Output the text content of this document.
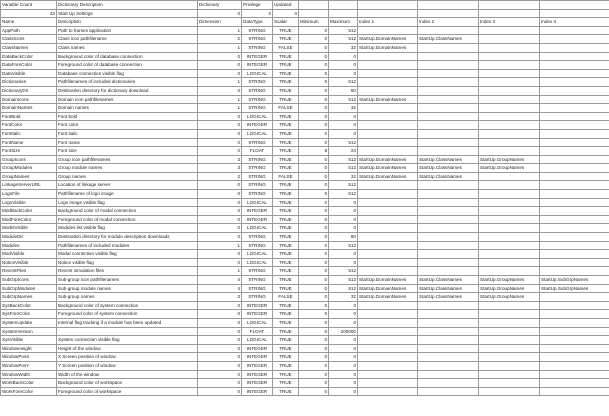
Variable Count	Dictionary Description	Dictionary	Privilege	Updated						
43	Start Up Settings	0	0	0						
Name	Description	Dimension	DataType	Scalar	Minimum	Maximum	Index 1	Index 2	Index 3	Index 4
AppPath	Path to frames application	1	STRING	TRUE	0	512				
ClassIcons	Class icon pathfilename	2	STRING	TRUE	0	512	StartUp.DomainNames	StartUp.ClassNames		
ClassNames	Class names	1	STRING	FALSE	0	32	StartUp.DomainNames			
DataBackColor	Background color of database connection	0	INTEGER	TRUE	0	0				
DataForeColor	Foreground color of database connection	0	INTEGER	TRUE	0	0				
DataVisible	Database connection visible flag	0	LOGICAL	TRUE	0	0				
Dictionaries	Pathfilenames of included dictionaries	1	STRING	TRUE	0	512				
DictionaryDir	Destination directory for dictionary download	0	STRING	TRUE	0	80				
DomainIcons	Domain icon pathfilenames	1	STRING	TRUE	0	512	StartUp.DomainNames			
DomainNames	Domain names	1	STRING	FALSE	0	32				
FontBold	Font bold	0	LOGICAL	TRUE	0	0				
FontColor	Font color	0	INTEGER	TRUE	0	0				
FontItalic	Font italic	0	LOGICAL	TRUE	0	0				
FontName	Font name	0	STRING	TRUE	0	512				
FontSize	Font size	0	FLOAT	TRUE	8	24				
GroupIcons	Group icon pathfilenames	3	STRING	TRUE	0	512	StartUp.DomainNames	StartUp.ClassNames	StartUp.GroupNames	
GroupModules	Group module names	3	STRING	TRUE	0	512	StartUp.DomainNames	StartUp.ClassNames	StartUp.GroupNames	
GroupNames	Group names	2	STRING	FALSE	0	32	StartUp.DomainNames	StartUp.ClassNames		
LinkageServerURL	Location of linkage server	0	STRING	TRUE	0	512				
LogoFile	Pathfilename of logo image	0	STRING	TRUE	0	512				
LogoVisible	Logo image visible flag	0	LOGICAL	TRUE	0	0				
ModBackColor	Background color of modal connection	0	INTEGER	TRUE	0	0				
ModForeColor	Foreground color of modal connection	0	INTEGER	TRUE	0	0				
ModIsVisible	Modules list visible flag	0	LOGICAL	TRUE	0	0				
ModuleDir	Destination directory for module description downloads	0	STRING	TRUE	0	80				
Modules	Pathfilenames of included modules	1	STRING	TRUE	0	512				
ModVisible	Modal connection visible flag	0	LOGICAL	TRUE	0	0				
NoticeVisible	Notice visible flag	0	LOGICAL	TRUE	0	0				
RecentFiles	Recent simulation files	1	STRING	TRUE	0	512				
SubGrpIcons	Sub-group icon pathfilenames	4	STRING	TRUE	0	512	StartUp.DomainNames	StartUp.ClassNames	StartUp.GroupNames	StartUp.SubGrpNames
SubGrpModules	Sub-group module names	4	STRING	TRUE	0	512	StartUp.DomainNames	StartUp.ClassNames	StartUp.GroupNames	StartUp.SubGrpNames
SubGrpNames	Sub-group names	3	STRING	FALSE	0	32	StartUp.DomainNames	StartUp.ClassNames	StartUp.GroupNames	
SysBackColor	Background color of system connection	0	INTEGER	TRUE	0	0				
SysForeColor	Foreground color of system connection	0	INTEGER	TRUE	0	0				
SystemUpdate	Internal flag tracking if a module has been updated	0	LOGICAL	TRUE	0	0				
SystemVersion		0	FLOAT	TRUE	0	200000				
SysVisible	System connection visible flag	0	LOGICAL	TRUE	0	0				
WindowHeight	Height of the window	0	INTEGER	TRUE	0	0				
WindowPosX	X Screen position of window	0	INTEGER	TRUE	0	0				
WindowPosY	Y Screen position of window	0	INTEGER	TRUE	0	0				
WindowWidth	Width of the window	0	INTEGER	TRUE	0	0				
WorkBackColor	Background color of workspace	0	INTEGER	TRUE	0	0				
WorkForeColor	Foreground color of workspace	0	INTEGER	TRUE	0	0				
